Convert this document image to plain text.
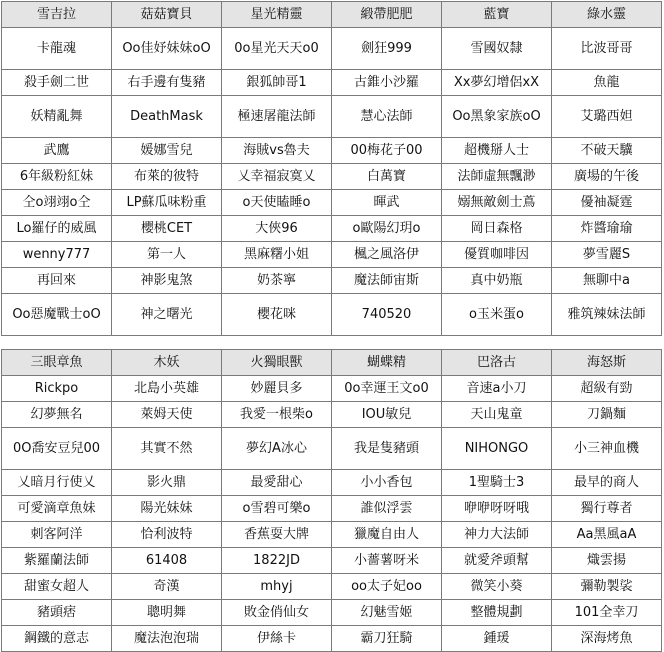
雪吉拉	菇菇寶貝	星光精靈	緞帶肥肥	藍寶	綠水靈
卡龍魂	Oo佳妤妹妹oO	0o星光天天o0	劍狂999	雪國奴隸	比波哥哥
殺手劍二世	右手邊有隻豬	銀狐帥哥1	古錐小沙羅	Xx夢幻增侶xX	魚龍
妖精亂舞	DeathMask	極速屠龍法師	慧心法師	Oo黑象家族oO	艾璐西妲
武鷹	媛娜雪兒	海賊vs魯夫	00梅花子00	超機掰人士	不破天驥
6年級粉紅妹	布萊的彼特	乂幸福寂寞乂	白萬寶	法師虛無飄渺	廣場的午後
仝o翊翊o仝	LP蘇瓜味粉重	o天使瞌睡o	暉武	嫋無敵劍士蔦	優袖凝霆
Lo羅仔的威風	櫻桃CET	大俠96	o歐陽幻玥o	岡日森格	炸醬瑜瑜
wenny777	第一人	黑麻糬小姐	楓之風洛伊	優質咖啡因	夢雪麗S
再回來	神影鬼煞	奶茶寧	魔法師宙斯	真中奶瓶	無聊中a
Oo惡魔戰士oO	神之曙光	櫻花咪	740520	o玉米蛋o	雅筑辣妹法師
三眼章魚	木妖	火獨眼獸	蝴蝶精	巴洛古	海怒斯
Rickpo	北島小英雄	妙麗貝多	0o幸運王文o0	音速a小刀	超級有勁
幻夢無名	萊姆天使	我愛一根柴o	IOU敏兒	天山鬼童	刀鍋麵
0O喬安豆兒00	其實不然	夢幻A冰心	我是隻豬頭	NIHONGO	小三神血機
乂暗月行使乂	影火鼎	最愛甜心	小小香包	1聖騎士3	最早的商人
可愛滴章魚妹	陽光妹妹	o雪碧可樂o	誰似浮雲	咿咿呀呀哦	獨行尊者
刺客阿洋	恰利波特	香蕉耍大牌	獵魔自由人	神力大法師	Aa黑風aA
紫羅蘭法師	61408	1822JD	小薔薯呀米	就愛斧頭幫	熾雲揚
甜蜜女超人	奇漢	mhyj	oo太子妃oo	微笑小葵	彌勒製裟
豬頭痞	聰明舞	敗金俏仙女	幻魅雪姬	整體規劃	101全幸刀
鋼鐵的意志	魔法泡泡瑞	伊絲卡	霸刀狂騎	鍾瑗	深海烤魚
